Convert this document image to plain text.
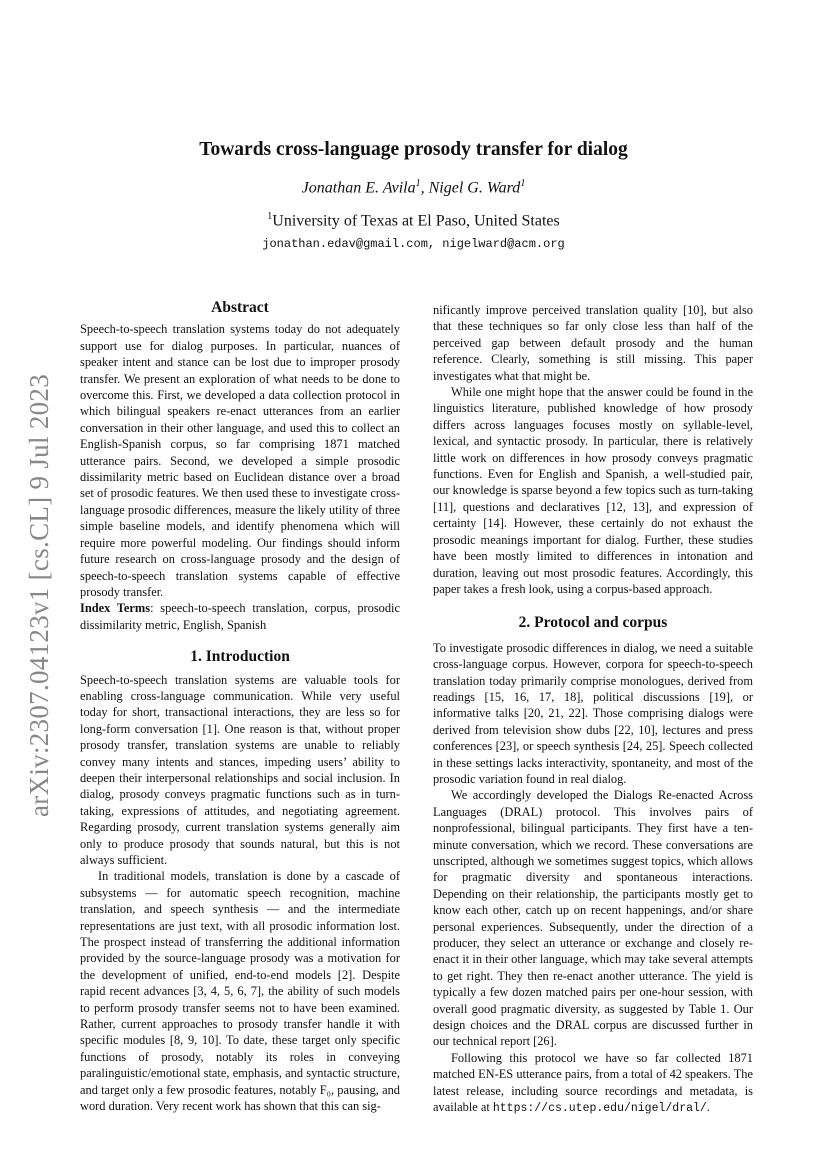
arXiv:2307.04123v1 [cs.CL] 9 Jul 2023
Towards cross-language prosody transfer for dialog
Jonathan E. Avila$^1$, Nigel G. Ward$^1$
$^1$University of Texas at El Paso, United States
jonathan.edav@gmail.com, nigelward@acm.org
Abstract

Speech-to-speech translation systems today do not adequately support use for dialog purposes. In particular, nuances of speaker intent and stance can be lost due to improper prosody transfer. We present an exploration of what needs to be done to overcome this. First, we developed a data collection protocol in which bilingual speakers re-enact utterances from an earlier conversation in their other language, and used this to collect an English-Spanish corpus, so far comprising 1871 matched utterance pairs. Second, we developed a simple prosodic dissimilarity metric based on Euclidean distance over a broad set of prosodic features. We then used these to investigate cross-language prosodic differences, measure the likely utility of three simple baseline models, and identify phenomena which will require more powerful modeling. Our findings should inform future research on cross-language prosody and the design of speech-to-speech translation systems capable of effective prosody transfer.

Index Terms: speech-to-speech translation, corpus, prosodic dissimilarity metric, English, Spanish

1. Introduction

Speech-to-speech translation systems are valuable tools for enabling cross-language communication. While very useful today for short, transactional interactions, they are less so for long-form conversation [1]. One reason is that, without proper prosody transfer, translation systems are unable to reliably convey many intents and stances, impeding users’ ability to deepen their interpersonal relationships and social inclusion. In dialog, prosody conveys pragmatic functions such as in turn-taking, expressions of attitudes, and negotiating agreement. Regarding prosody, current translation systems generally aim only to produce prosody that sounds natural, but this is not always sufficient.

In traditional models, translation is done by a cascade of subsystems — for automatic speech recognition, machine translation, and speech synthesis — and the intermediate representations are just text, with all prosodic information lost. The prospect instead of transferring the additional information provided by the source-language prosody was a motivation for the development of unified, end-to-end models [2]. Despite rapid recent advances [3, 4, 5, 6, 7], the ability of such models to perform prosody transfer seems not to have been examined. Rather, current approaches to prosody transfer handle it with specific modules [8, 9, 10]. To date, these target only specific functions of prosody, notably its roles in conveying paralinguistic/emotional state, emphasis, and syntactic structure, and target only a few prosodic features, notably F₀, pausing, and word duration. Very recent work has shown that this can sig-

nificantly improve perceived translation quality [10], but also that these techniques so far only close less than half of the perceived gap between default prosody and the human reference. Clearly, something is still missing. This paper investigates what that might be.

While one might hope that the answer could be found in the linguistics literature, published knowledge of how prosody differs across languages focuses mostly on syllable-level, lexical, and syntactic prosody. In particular, there is relatively little work on differences in how prosody conveys pragmatic functions. Even for English and Spanish, a well-studied pair, our knowledge is sparse beyond a few topics such as turn-taking [11], questions and declaratives [12, 13], and expression of certainty [14]. However, these certainly do not exhaust the prosodic meanings important for dialog. Further, these studies have been mostly limited to differences in intonation and duration, leaving out most prosodic features. Accordingly, this paper takes a fresh look, using a corpus-based approach.

2. Protocol and corpus

To investigate prosodic differences in dialog, we need a suitable cross-language corpus. However, corpora for speech-to-speech translation today primarily comprise monologues, derived from readings [15, 16, 17, 18], political discussions [19], or informative talks [20, 21, 22]. Those comprising dialogs were derived from television show dubs [22, 10], lectures and press conferences [23], or speech synthesis [24, 25]. Speech collected in these settings lacks interactivity, spontaneity, and most of the prosodic variation found in real dialog.

We accordingly developed the Dialogs Re-enacted Across Languages (DRAL) protocol. This involves pairs of nonprofessional, bilingual participants. They first have a ten-minute conversation, which we record. These conversations are unscripted, although we sometimes suggest topics, which allows for pragmatic diversity and spontaneous interactions. Depending on their relationship, the participants mostly get to know each other, catch up on recent happenings, and/or share personal experiences. Subsequently, under the direction of a producer, they select an utterance or exchange and closely re-enact it in their other language, which may take several attempts to get right. They then re-enact another utterance. The yield is typically a few dozen matched pairs per one-hour session, with overall good pragmatic diversity, as suggested by Table 1. Our design choices and the DRAL corpus are discussed further in our technical report [26].

Following this protocol we have so far collected 1871 matched EN-ES utterance pairs, from a total of 42 speakers. The latest release, including source recordings and metadata, is available at https://cs.utep.edu/nigel/dral/.
